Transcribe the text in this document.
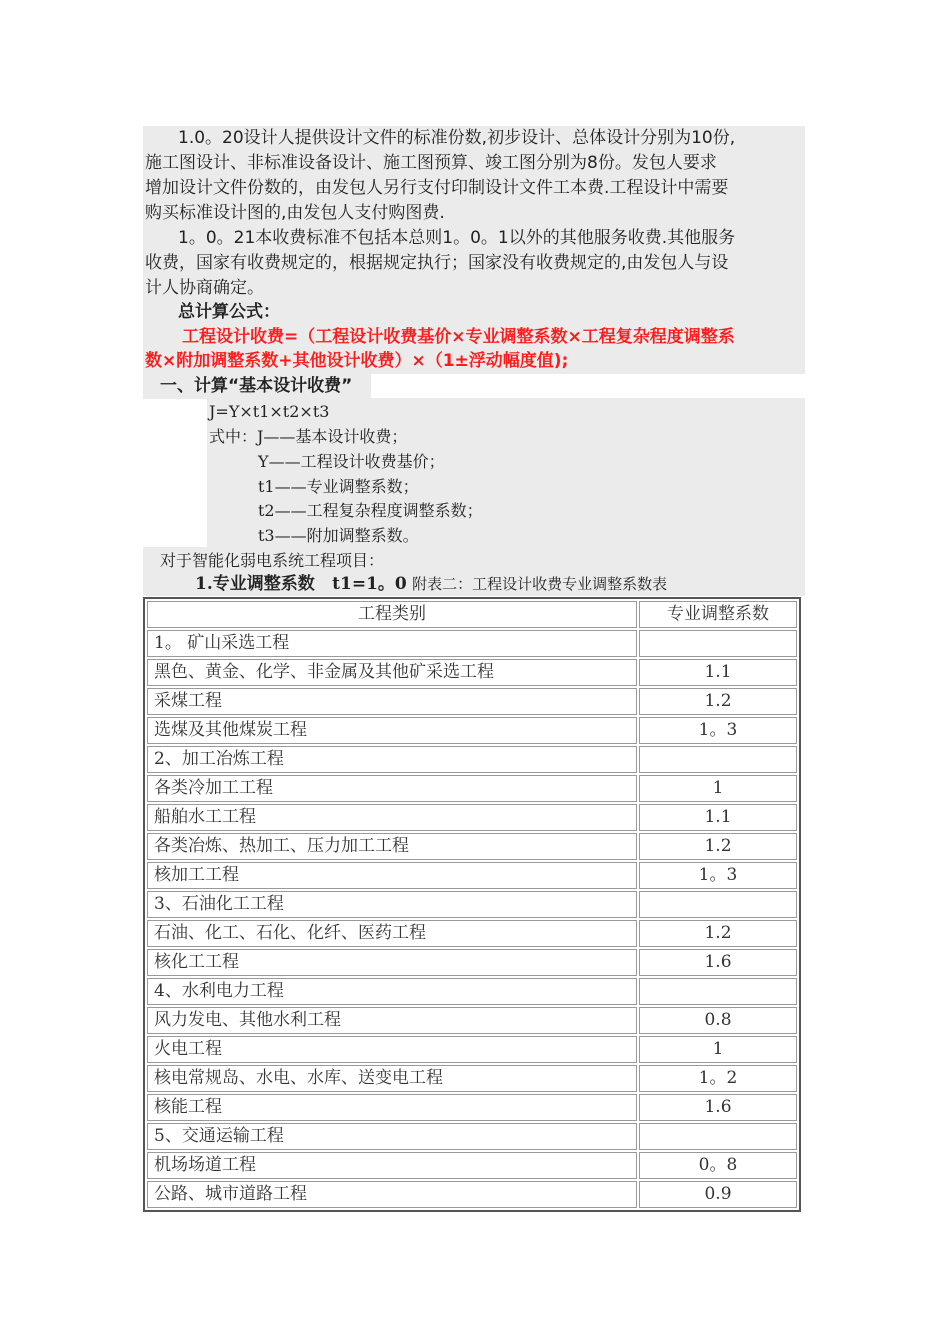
1.0。20设计人提供设计文件的标准份数,初步设计、总体设计分别为10份,
施工图设计、非标准设备设计、施工图预算、竣工图分别为8份。发包人要求
增加设计文件份数的，由发包人另行支付印制设计文件工本费.工程设计中需要
购买标准设计图的,由发包人支付购图费.
1。0。21本收费标准不包括本总则1。0。1以外的其他服务收费.其他服务
收费，国家有收费规定的，根据规定执行；国家没有收费规定的,由发包人与设
计人协商确定。
总计算公式：
工程设计收费=（工程设计收费基价×专业调整系数×工程复杂程度调整系
数×附加调整系数+其他设计收费）×（1±浮动幅度值);
一、计算“基本设计收费”
J=Y×t1×t2×t3
式中：J——基本设计收费；
Y——工程设计收费基价；
t1——专业调整系数；
t2——工程复杂程度调整系数；
t3——附加调整系数。
对于智能化弱电系统工程项目：
1.专业调整系数 t1=1。0 附表二：工程设计收费专业调整系数表
工程类别	专业调整系数
1。 矿山采选工程	
黑色、黄金、化学、非金属及其他矿采选工程	1.1
采煤工程	1.2
选煤及其他煤炭工程	1。3
2、加工冶炼工程	
各类冷加工工程	1
船舶水工工程	1.1
各类冶炼、热加工、压力加工工程	1.2
核加工工程	1。3
3、石油化工工程	
石油、化工、石化、化纤、医药工程	1.2
核化工工程	1.6
4、水利电力工程	
风力发电、其他水利工程	0.8
火电工程	1
核电常规岛、水电、水库、送变电工程	1。2
核能工程	1.6
5、交通运输工程	
机场场道工程	0。8
公路、城市道路工程	0.9
